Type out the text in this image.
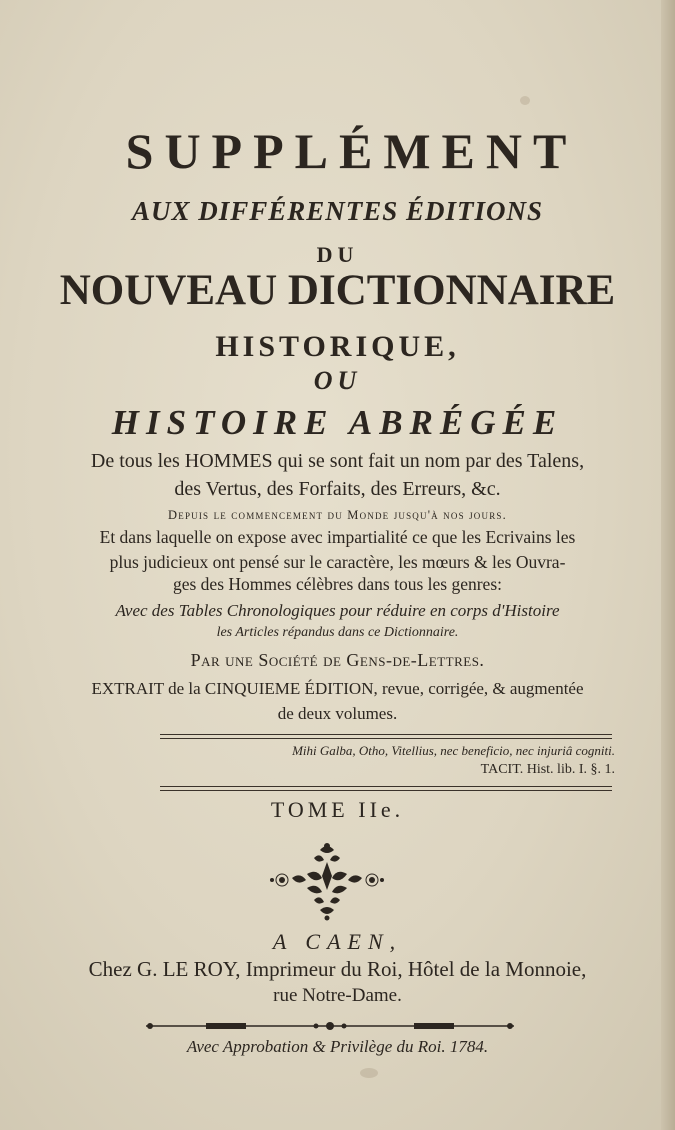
SUPPLÉMENT
AUX DIFFÉRENTES ÉDITIONS
DU
NOUVEAU DICTIONNAIRE
HISTORIQUE,
OU
HISTOIRE ABRÉGÉE
De tous les HOMMES qui se sont fait un nom par des Talens,
des Vertus, des Forfaits, des Erreurs, &c.
Depuis le commencement du Monde jusqu'à nos jours.
Et dans laquelle on expose avec impartialité ce que les Ecrivains les
plus judicieux ont pensé sur le caractère, les mœurs & les Ouvra-
ges des Hommes célèbres dans tous les genres:
Avec des Tables Chronologiques pour réduire en corps d'Histoire
les Articles répandus dans ce Dictionnaire.
Par une Société de Gens-de-Lettres.
EXTRAIT de la CINQUIEME ÉDITION, revue, corrigée, & augmentée
de deux volumes.
Mihi Galba, Otho, Vitellius, nec beneficio, nec injuriâ cogniti.
TACIT. Hist. lib. I. §. 1.
TOME IIe.
A CAEN,
Chez G. LE ROY, Imprimeur du Roi, Hôtel de la Monnoie,
rue Notre-Dame.
Avec Approbation & Privilège du Roi. 1784.
